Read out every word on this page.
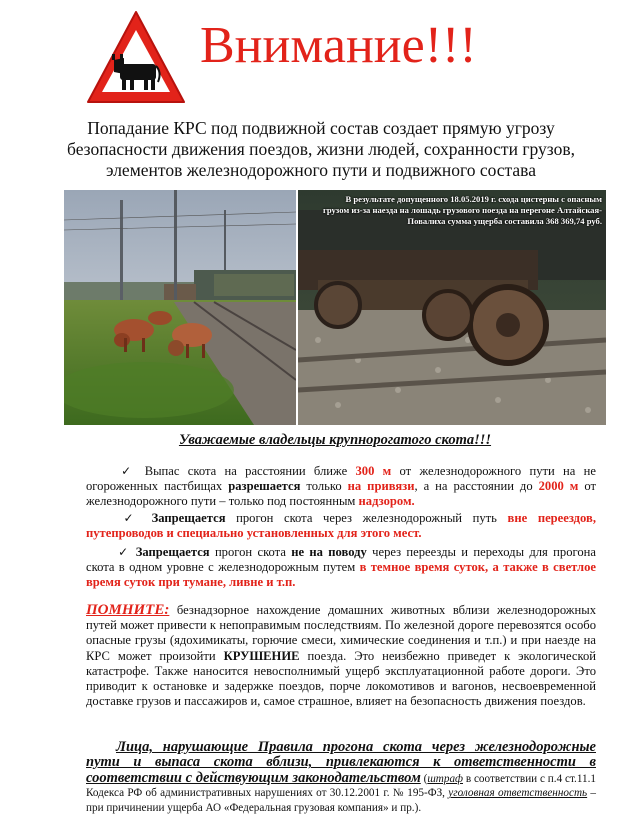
Внимание!!!
Попадание КРС под подвижной состав создает прямую угрозу безопасности движения поездов, жизни людей, сохранности грузов, элементов железнодорожного пути и подвижного состава
В результате допущенного 18.05.2019 г. схода цистерны с опасным грузом из-за наезда на лошадь грузового поезда на перегоне Алтайская-Повалиха сумма ущерба составила 368 369,74 руб.
Уважаемые владельцы крупнорогатого скота!!!
✓ Выпас скота на расстоянии ближе 300 м от железнодорожного пути на не огороженных пастбищах разрешается только на привязи, а на расстоянии до 2000 м от железнодорожного пути – только под постоянным надзором.
✓ Запрещается прогон скота через железнодорожный путь вне переездов, путепроводов и специально установленных для этого мест.
✓ Запрещается прогон скота не на поводу через переезды и переходы для прогона скота в одном уровне с железнодорожным путем в темное время суток, а также в светлое время суток при тумане, ливне и т.п.
ПОМНИТЕ: безнадзорное нахождение домашних животных вблизи железнодорожных путей может привести к непоправимым последствиям. По железной дороге перевозятся особо опасные грузы (ядохимикаты, горючие смеси, химические соединения и т.п.) и при наезде на КРС может произойти КРУШЕНИЕ поезда. Это неизбежно приведет к экологической катастрофе. Также наносится невосполнимый ущерб эксплуатационной работе дороги. Это приводит к остановке и задержке поездов, порче локомотивов и вагонов, несвоевременной доставке грузов и пассажиров и, самое страшное, влияет на безопасность движения поездов.
Лица, нарушающие Правила прогона скота через железнодорожные пути и выпаса скота вблизи, привлекаются к ответственности в соответствии с действующим законодательством (штраф в соответствии с п.4 ст.11.1 Кодекса РФ об административных нарушениях от 30.12.2001 г. № 195-ФЗ, уголовная ответственность – при причинении ущерба АО «Федеральная грузовая компания» и пр.).
